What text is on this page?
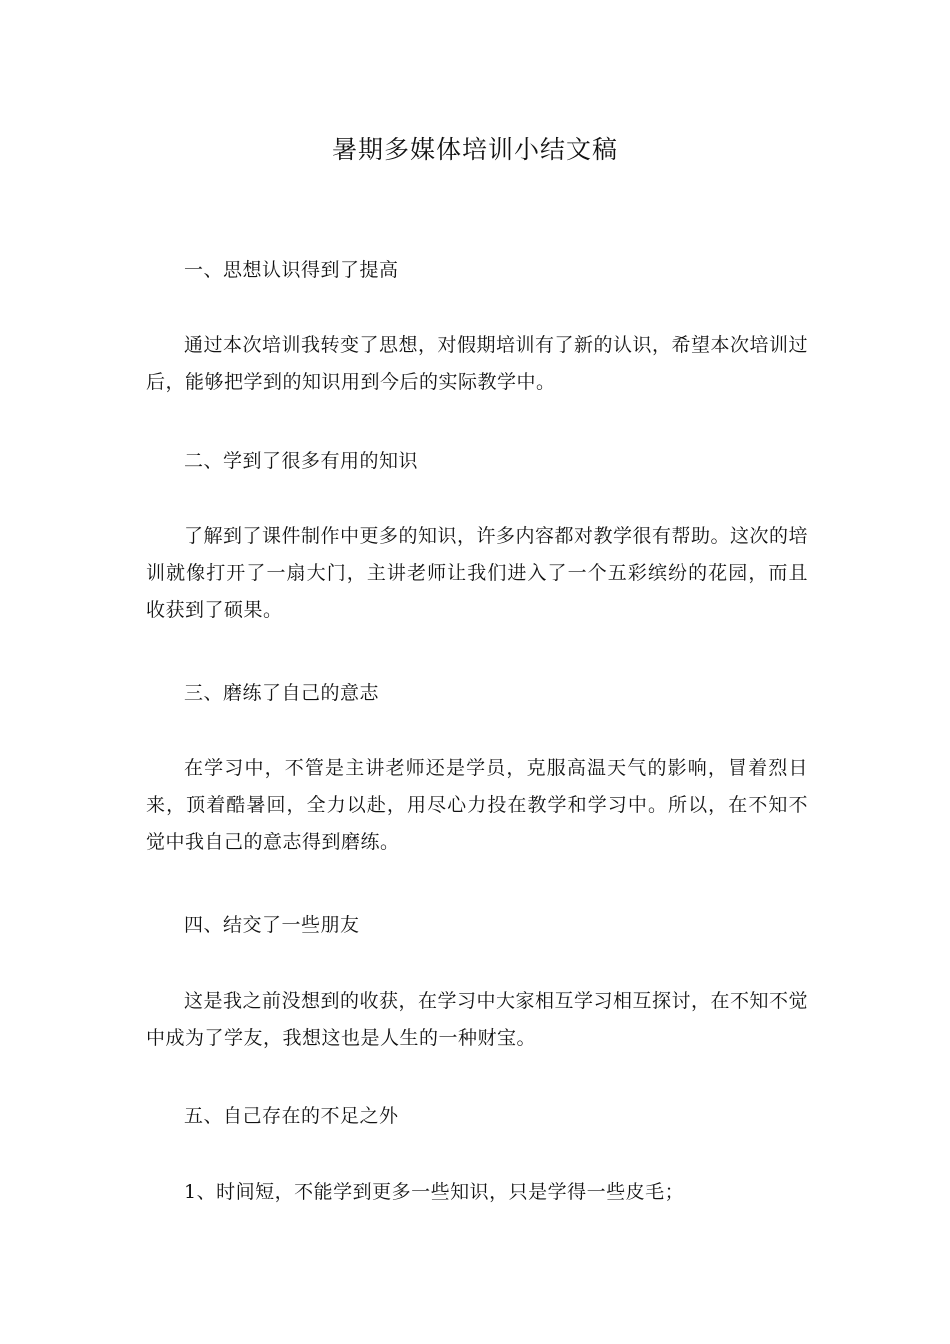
暑期多媒体培训小结文稿
一、思想认识得到了提高
通过本次培训我转变了思想，对假期培训有了新的认识，希望本次培训过后，能够把学到的知识用到今后的实际教学中。
二、学到了很多有用的知识
了解到了课件制作中更多的知识，许多内容都对教学很有帮助。这次的培训就像打开了一扇大门，主讲老师让我们进入了一个五彩缤纷的花园，而且收获到了硕果。
三、磨练了自己的意志
在学习中，不管是主讲老师还是学员，克服高温天气的影响，冒着烈日来，顶着酷暑回，全力以赴，用尽心力投在教学和学习中。所以，在不知不觉中我自己的意志得到磨练。
四、结交了一些朋友
这是我之前没想到的收获，在学习中大家相互学习相互探讨，在不知不觉中成为了学友，我想这也是人生的一种财宝。
五、自己存在的不足之外
1、时间短，不能学到更多一些知识，只是学得一些皮毛；
